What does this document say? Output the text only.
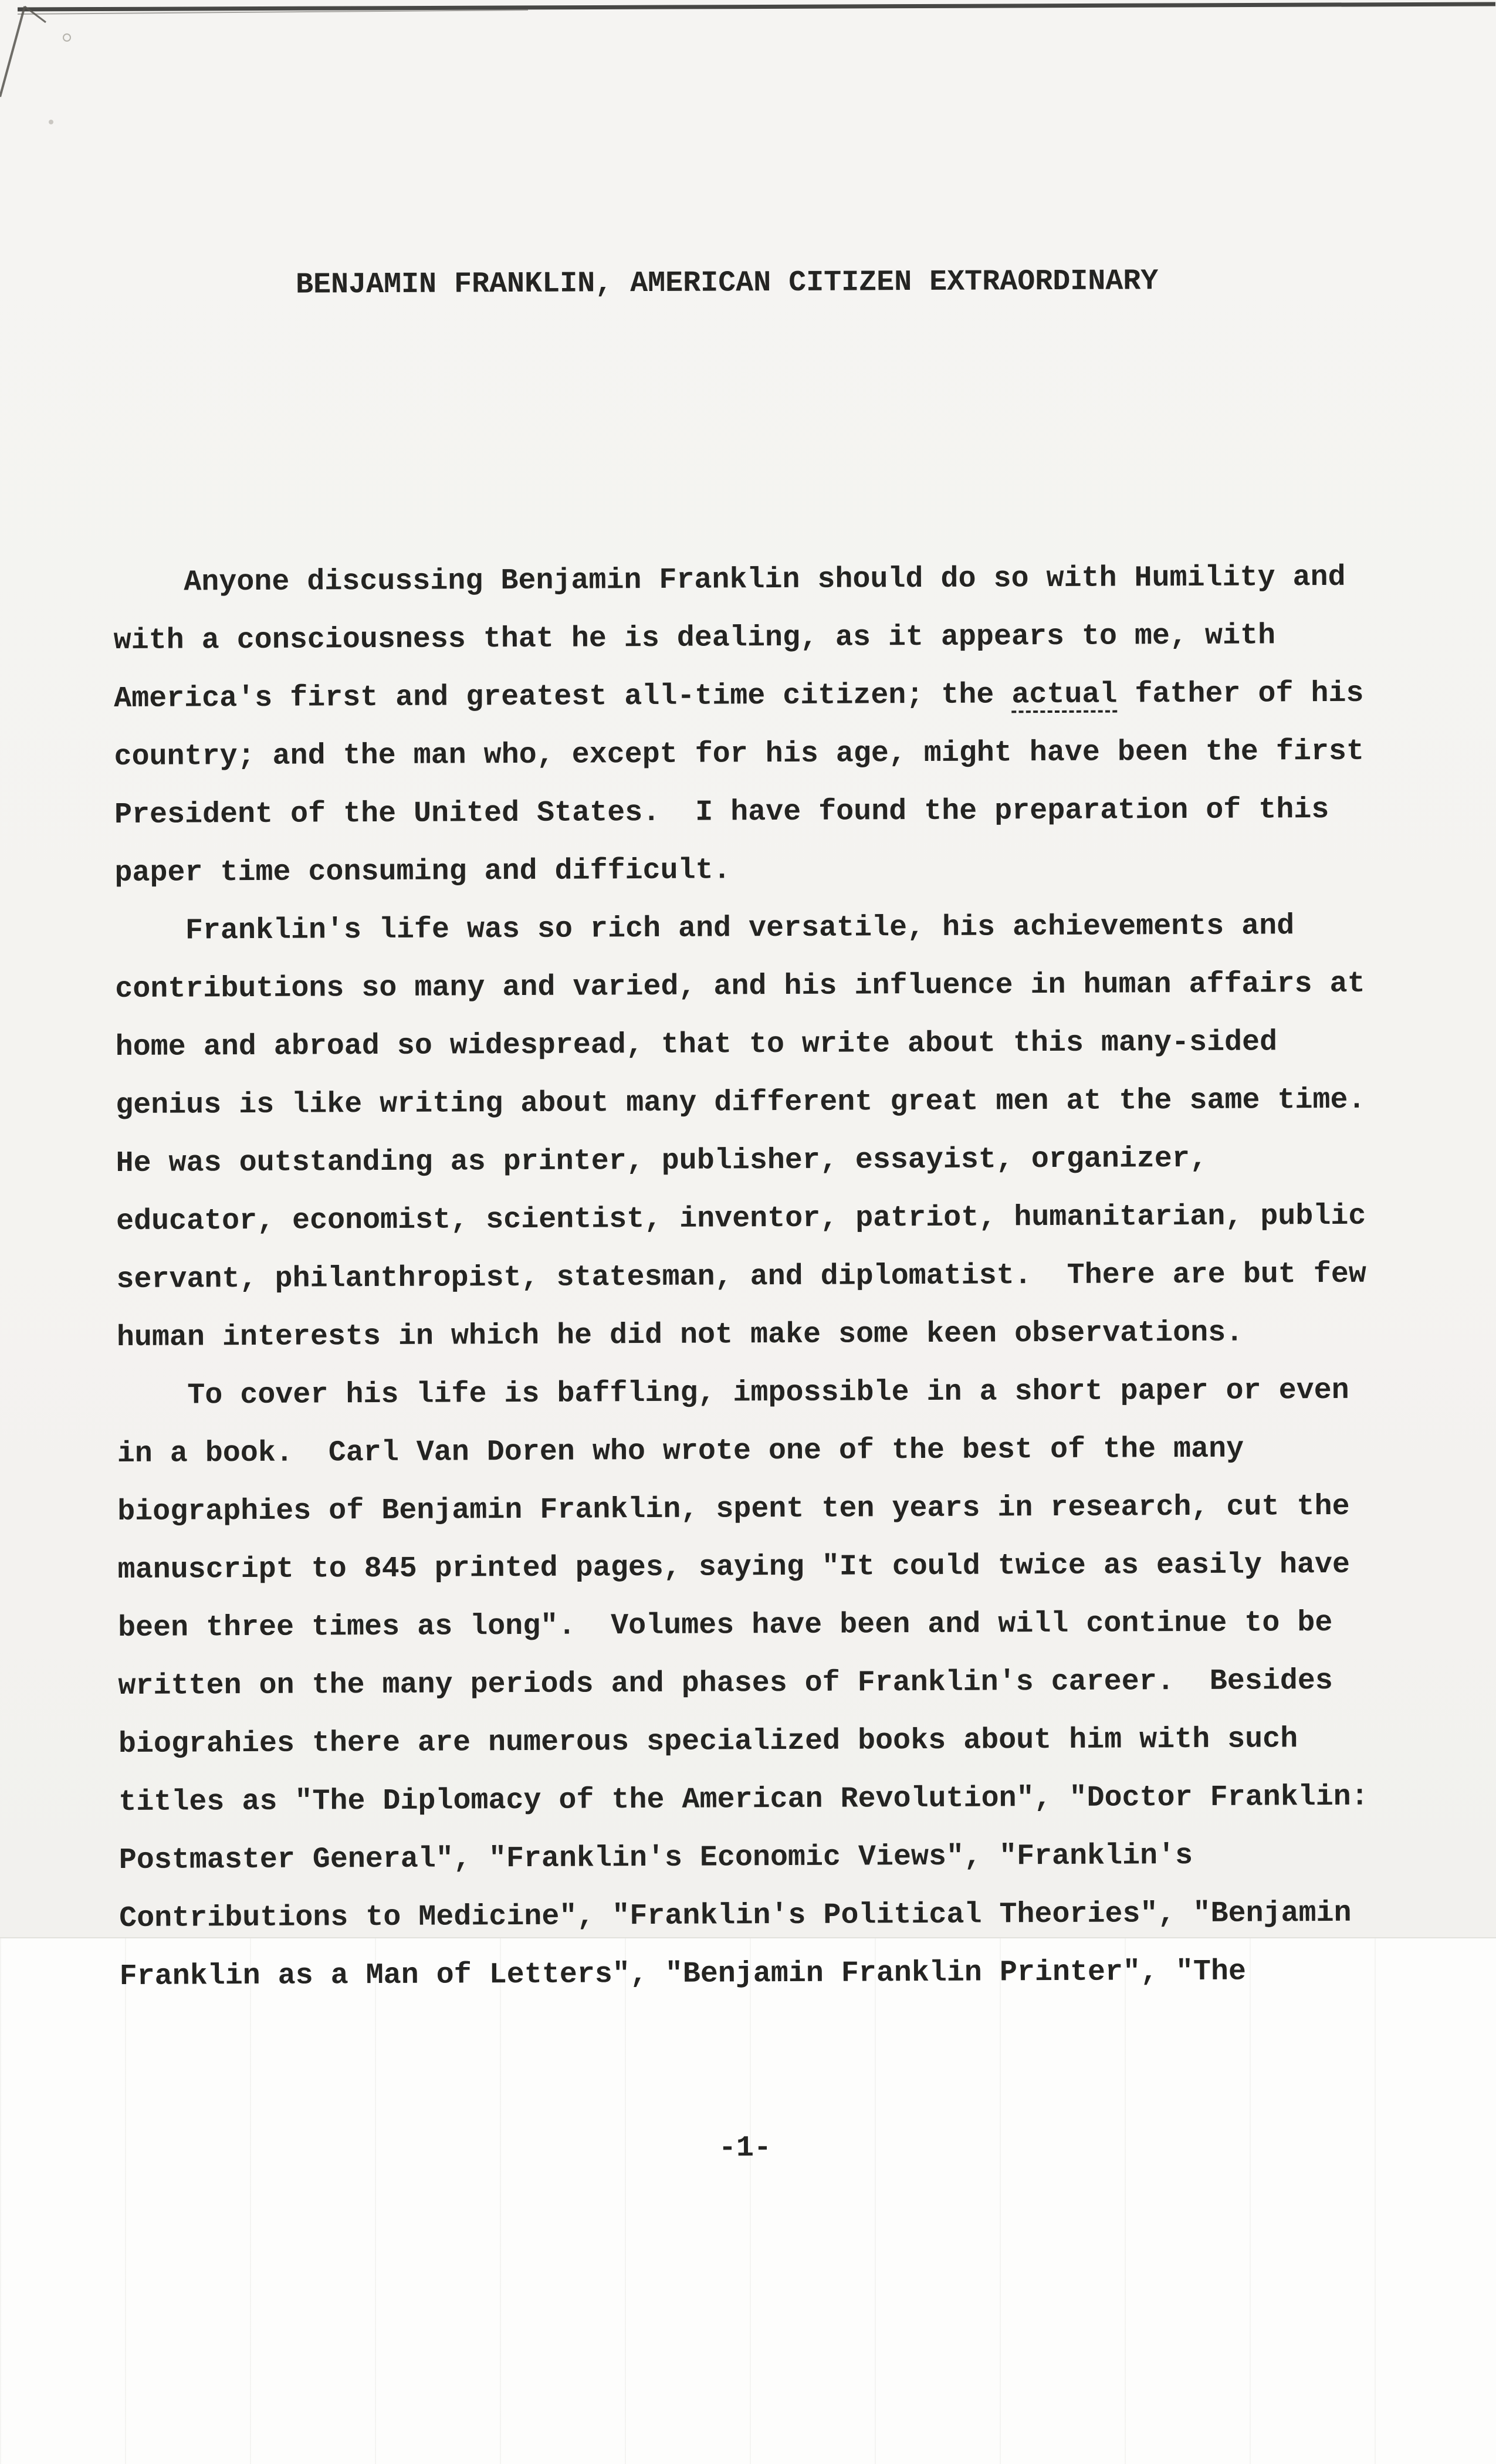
BENJAMIN FRANKLIN, AMERICAN CITIZEN EXTRAORDINARY

Anyone discussing Benjamin Franklin should do so with Humility and
with a consciousness that he is dealing, as it appears to me, with
America's first and greatest all-time citizen; the actual father of his
country; and the man who, except for his age, might have been the first
President of the United States.  I have found the preparation of this
paper time consuming and difficult.
Franklin's life was so rich and versatile, his achievements and
contributions so many and varied, and his influence in human affairs at
home and abroad so widespread, that to write about this many-sided
genius is like writing about many different great men at the same time.
He was outstanding as printer, publisher, essayist, organizer,
educator, economist, scientist, inventor, patriot, humanitarian, public
servant, philanthropist, statesman, and diplomatist.  There are but few
human interests in which he did not make some keen observations.
To cover his life is baffling, impossible in a short paper or even
in a book.  Carl Van Doren who wrote one of the best of the many
biographies of Benjamin Franklin, spent ten years in research, cut the
manuscript to 845 printed pages, saying "It could twice as easily have
been three times as long".  Volumes have been and will continue to be
written on the many periods and phases of Franklin's career.  Besides
biograhies there are numerous specialized books about him with such
titles as "The Diplomacy of the American Revolution", "Doctor Franklin:
Postmaster General", "Franklin's Economic Views", "Franklin's
Contributions to Medicine", "Franklin's Political Theories", "Benjamin
Franklin as a Man of Letters", "Benjamin Franklin Printer", "The

-1-
